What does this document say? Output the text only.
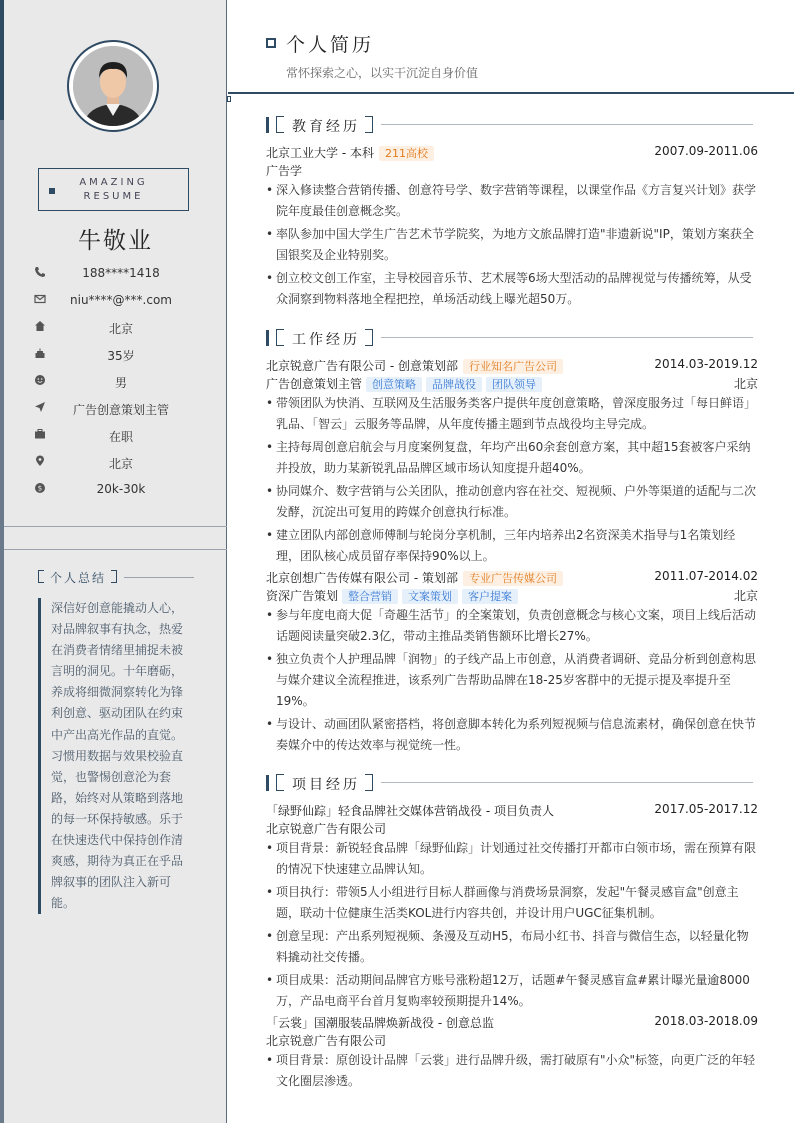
AMAZING
RESUME
牛敬业
188****1418
niu****@***.com
北京
35岁
男
广告创意策划主管
在职
北京
$	20k-30k
个人总结
深信好创意能撬动人心，对品牌叙事有执念，热爱在消费者情绪里捕捉未被言明的洞见。十年磨砺，养成将细微洞察转化为锋利创意、驱动团队在约束中产出高光作品的直觉。习惯用数据与效果校验直觉，也警惕创意沦为套路，始终对从策略到落地的每一环保持敏感。乐于在快速迭代中保持创作清爽感，期待为真正在乎品牌叙事的团队注入新可能。
个人简历
常怀探索之心，以实干沉淀自身价值
教育经历
北京工业大学 - 本科 211高校	2007.09-2011.06
广告学
• 深入修读整合营销传播、创意符号学、数字营销等课程，以课堂作品《方言复兴计划》获学院年度最佳创意概念奖。
• 率队参加中国大学生广告艺术节学院奖，为地方文旅品牌打造"非遗新说"IP，策划方案获全国银奖及企业特别奖。
• 创立校文创工作室，主导校园音乐节、艺术展等6场大型活动的品牌视觉与传播统筹，从受众洞察到物料落地全程把控，单场活动线上曝光超50万。
工作经历
北京锐意广告有限公司 - 创意策划部 行业知名广告公司	2014.03-2019.12
广告创意策划主管 创意策略 品牌战役 团队领导	北京
• 带领团队为快消、互联网及生活服务类客户提供年度创意策略，曾深度服务过「每日鲜语」乳品、「智云」云服务等品牌，从年度传播主题到节点战役均主导完成。
• 主持每周创意启航会与月度案例复盘，年均产出60余套创意方案，其中超15套被客户采纳并投放，助力某新锐乳品品牌区域市场认知度提升超40%。
• 协同媒介、数字营销与公关团队，推动创意内容在社交、短视频、户外等渠道的适配与二次发酵，沉淀出可复用的跨媒介创意执行标准。
• 建立团队内部创意师傅制与轮岗分享机制，三年内培养出2名资深美术指导与1名策划经理，团队核心成员留存率保持90%以上。
北京创想广告传媒有限公司 - 策划部 专业广告传媒公司	2011.07-2014.02
资深广告策划 整合营销 文案策划 客户提案	北京
• 参与年度电商大促「奇趣生活节」的全案策划，负责创意概念与核心文案，项目上线后活动话题阅读量突破2.3亿，带动主推品类销售额环比增长27%。
• 独立负责个人护理品牌「润物」的子线产品上市创意，从消费者调研、竞品分析到创意构思与媒介建议全流程推进，该系列广告帮助品牌在18-25岁客群中的无提示提及率提升至19%。
• 与设计、动画团队紧密搭档，将创意脚本转化为系列短视频与信息流素材，确保创意在快节奏媒介中的传达效率与视觉统一性。
项目经历
「绿野仙踪」轻食品牌社交媒体营销战役 - 项目负责人	2017.05-2017.12
北京锐意广告有限公司
• 项目背景：新锐轻食品牌「绿野仙踪」计划通过社交传播打开都市白领市场，需在预算有限的情况下快速建立品牌认知。
• 项目执行：带领5人小组进行目标人群画像与消费场景洞察，发起"午餐灵感盲盒"创意主题，联动十位健康生活类KOL进行内容共创，并设计用户UGC征集机制。
• 创意呈现：产出系列短视频、条漫及互动H5，布局小红书、抖音与微信生态，以轻量化物料撬动社交传播。
• 项目成果：活动期间品牌官方账号涨粉超12万，话题#午餐灵感盲盒#累计曝光量逾8000万，产品电商平台首月复购率较预期提升14%。
「云裳」国潮服装品牌焕新战役 - 创意总监	2018.03-2018.09
北京锐意广告有限公司
• 项目背景：原创设计品牌「云裳」进行品牌升级，需打破原有"小众"标签，向更广泛的年轻文化圈层渗透。
